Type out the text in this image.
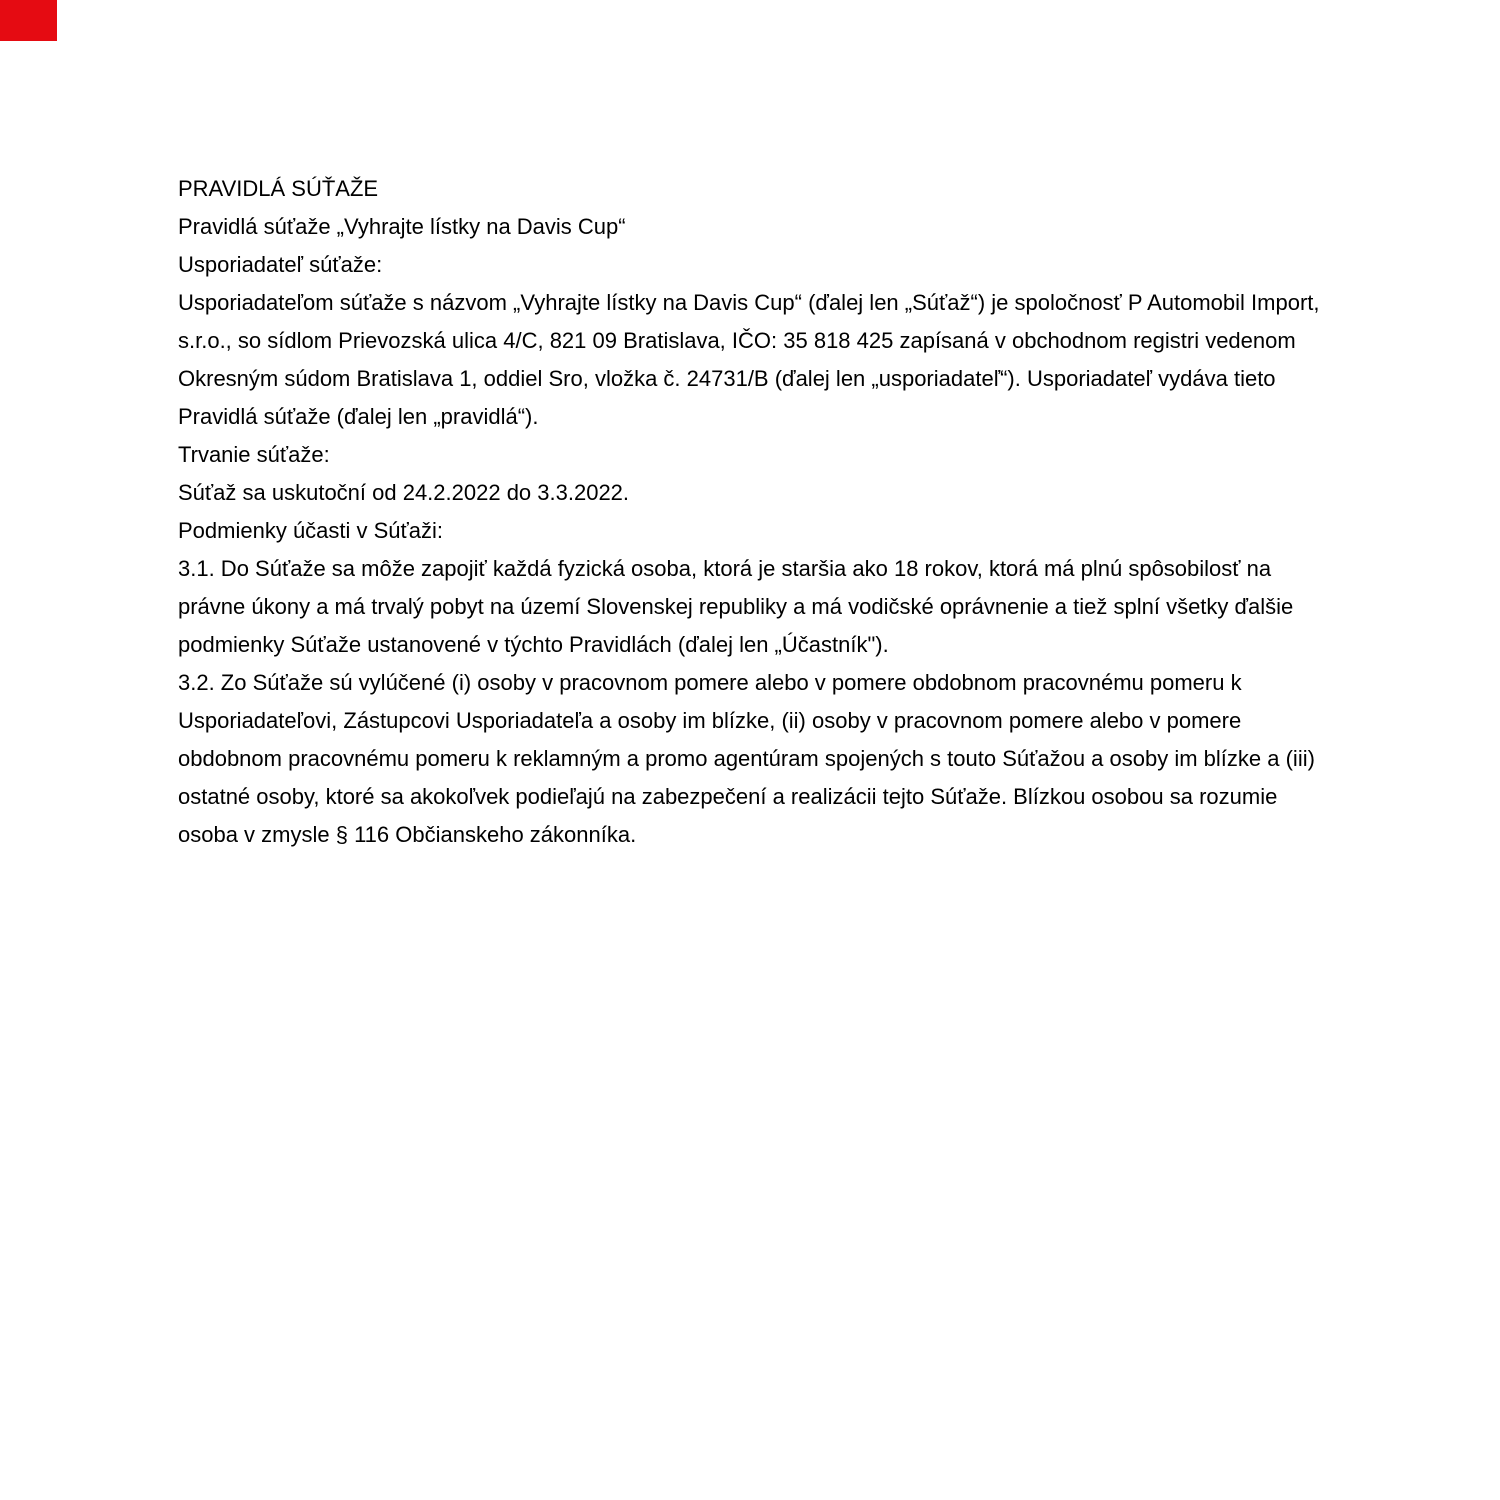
PRAVIDLÁ SÚŤAŽE

Pravidlá súťaže „Vyhrajte lístky na Davis Cup“

Usporiadateľ súťaže:

Usporiadateľom súťaže s názvom „Vyhrajte lístky na Davis Cup“ (ďalej len „Súťaž“) je spoločnosť P Automobil Import, s.r.o., so sídlom Prievozská ulica 4/C, 821 09 Bratislava, IČO: 35 818 425 zapísaná v obchodnom registri vedenom Okresným súdom Bratislava 1, oddiel Sro, vložka č. 24731/B (ďalej len „usporiadateľ“). Usporiadateľ vydáva tieto Pravidlá súťaže (ďalej len „pravidlá“).

Trvanie súťaže:

Súťaž sa uskutoční od 24.2.2022 do 3.3.2022.

Podmienky účasti v Súťaži:

3.1. Do Súťaže sa môže zapojiť každá fyzická osoba, ktorá je staršia ako 18 rokov, ktorá má plnú spôsobilosť na právne úkony a má trvalý pobyt na území Slovenskej republiky a má vodičské oprávnenie a tiež splní všetky ďalšie podmienky Súťaže ustanovené v týchto Pravidlách (ďalej len „Účastník").

3.2. Zo Súťaže sú vylúčené (i) osoby v pracovnom pomere alebo v pomere obdobnom pracovnému pomeru k Usporiadateľovi, Zástupcovi Usporiadateľa a osoby im blízke, (ii) osoby v pracovnom pomere alebo v pomere obdobnom pracovnému pomeru k reklamným a promo agentúram spojených s touto Súťažou a osoby im blízke a (iii) ostatné osoby, ktoré sa akokoľvek podieľajú na zabezpečení a realizácii tejto Súťaže. Blízkou osobou sa rozumie osoba v zmysle § 116 Občianskeho zákonníka.
